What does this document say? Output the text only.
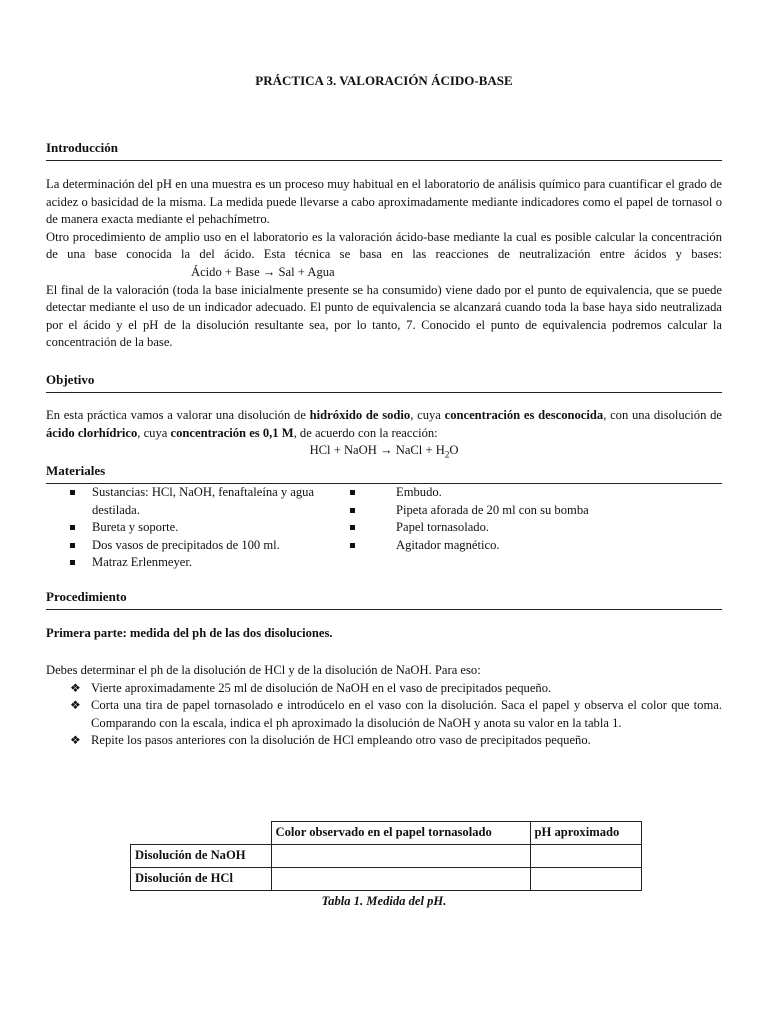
PRÁCTICA 3. VALORACIÓN ÁCIDO-BASE
Introducción

La determinación del pH en una muestra es un proceso muy habitual en el laboratorio de análisis químico para cuantificar el grado de acidez o basicidad de la misma. La medida puede llevarse a cabo aproximadamente mediante indicadores como el papel de tornasol o de manera exacta mediante el pehachímetro.

Otro procedimiento de amplio uso en el laboratorio es la valoración ácido-base mediante la cual es posible calcular la concentración de una base conocida la del ácido. Esta técnica se basa en las reacciones de neutralización entre ácidos y bases:Ácido + Base → Sal + Agua

El final de la valoración (toda la base inicialmente presente se ha consumido) viene dado por el punto de equivalencia, que se puede detectar mediante el uso de un indicador adecuado. El punto de equivalencia se alcanzará cuando toda la base haya sido neutralizada por el ácido y el pH de la disolución resultante sea, por lo tanto, 7. Conocido el punto de equivalencia podremos calcular la concentración de la base.

Objetivo

En esta práctica vamos a valorar una disolución de hidróxido de sodio, cuya concentración es desconocida, con una disolución de ácido clorhídrico, cuya concentración es 0,1 M, de acuerdo con la reacción:

HCl + NaOH → NaCl + $H_2O$

Materiales
Sustancias: HCl, NaOH, fenaftaleína y agua destilada.
Bureta y soporte.
Dos vasos de precipitados de 100 ml.
Matraz Erlenmeyer.
Embudo.
Pipeta aforada de 20 ml con su bomba
Papel tornasolado.
Agitador magnético.
Procedimiento
Primera parte: medida del ph de las dos disoluciones.

Debes determinar el ph de la disolución de HCl y de la disolución de NaOH. Para eso:

❖ Vierte aproximadamente 25 ml de disolución de NaOH en el vaso de precipitados pequeño.
❖ Corta una tira de papel tornasolado e introdúcelo en el vaso con la disolución. Saca el papel y observa el color que toma. Comparando con la escala, indica el ph aproximado la disolución de NaOH y anota su valor en la tabla 1.
❖ Repite los pasos anteriores con la disolución de HCl empleando otro vaso de precipitados pequeño.
	Color observado en el papel tornasolado	pH aproximado
Disolución de NaOH		
Disolución de HCl		
Tabla 1. Medida del pH.
